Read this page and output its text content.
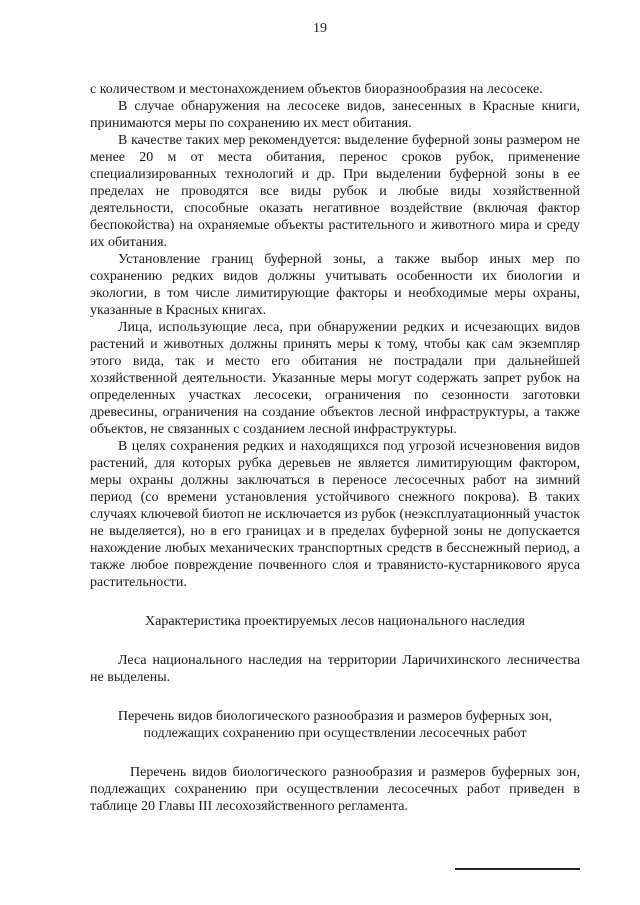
19

с количеством и местонахождением объектов биоразнообразия на лесосеке.

В случае обнаружения на лесосеке видов, занесенных в Красные книги, принимаются меры по сохранению их мест обитания.

В качестве таких мер рекомендуется: выделение буферной зоны размером не менее 20 м от места обитания, перенос сроков рубок, применение специализированных технологий и др. При выделении буферной зоны в ее пределах не проводятся все виды рубок и любые виды хозяйственной деятельности, способные оказать негативное воздействие (включая фактор беспокойства) на охраняемые объекты растительного и животного мира и среду их обитания.

Установление границ буферной зоны, а также выбор иных мер по сохранению редких видов должны учитывать особенности их биологии и экологии, в том числе лимитирующие факторы и необходимые меры охраны, указанные в Красных книгах.

Лица, использующие леса, при обнаружении редких и исчезающих видов растений и животных должны принять меры к тому, чтобы как сам экземпляр этого вида, так и место его обитания не пострадали при дальнейшей хозяйственной деятельности. Указанные меры могут содержать запрет рубок на определенных участках лесосеки, ограничения по сезонности заготовки древесины, ограничения на создание объектов лесной инфраструктуры, а также объектов, не связанных с созданием лесной инфраструктуры.

В целях сохранения редких и находящихся под угрозой исчезновения видов растений, для которых рубка деревьев не является лимитирующим фактором, меры охраны должны заключаться в переносе лесосечных работ на зимний период (со времени установления устойчивого снежного покрова). В таких случаях ключевой биотоп не исключается из рубок (неэксплуатационный участок не выделяется), но в его границах и в пределах буферной зоны не допускается нахождение любых механических транспортных средств в бесснежный период, а также любое повреждение почвенного слоя и травянисто-кустарникового яруса растительности.

Характеристика проектируемых лесов национального наследия

Леса национального наследия на территории Ларичихинского лесничества не выделены.

Перечень видов биологического разнообразия и размеров буферных зон,

подлежащих сохранению при осуществлении лесосечных работ

Перечень видов биологического разнообразия и размеров буферных зон, подлежащих сохранению при осуществлении лесосечных работ приведен в таблице 20 Главы III лесохозяйственного регламента.
